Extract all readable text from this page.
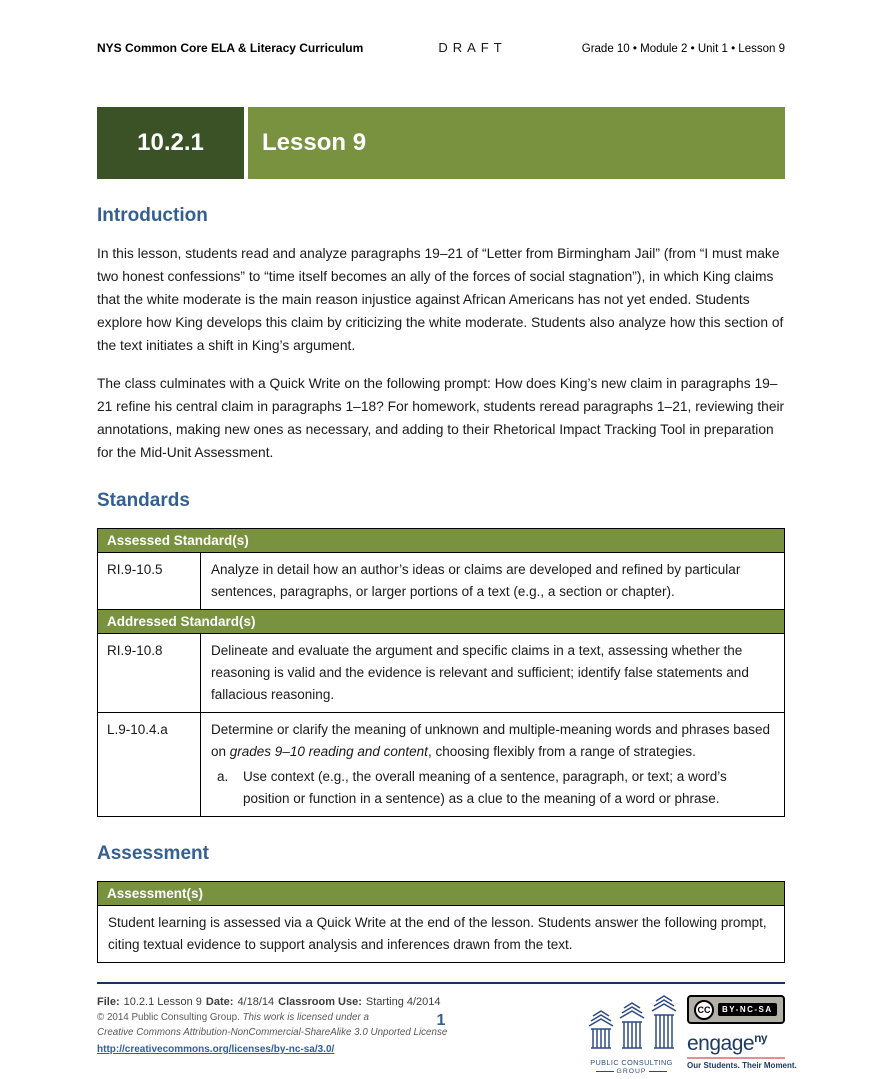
NYS Common Core ELA & Literacy Curriculum	DRAFT	Grade 10 • Module 2 • Unit 1 • Lesson 9
10.2.1	Lesson 9
Introduction

In this lesson, students read and analyze paragraphs 19–21 of “Letter from Birmingham Jail” (from “I must make two honest confessions” to “time itself becomes an ally of the forces of social stagnation”), in which King claims that the white moderate is the main reason injustice against African Americans has not yet ended. Students explore how King develops this claim by criticizing the white moderate. Students also analyze how this section of the text initiates a shift in King’s argument.

The class culminates with a Quick Write on the following prompt: How does King’s new claim in paragraphs 19–21 refine his central claim in paragraphs 1–18? For homework, students reread paragraphs 1–21, reviewing their annotations, making new ones as necessary, and adding to their Rhetorical Impact Tracking Tool in preparation for the Mid-Unit Assessment.

Standards
Assessed Standard(s)	
RI.9-10.5	Analyze in detail how an author’s ideas or claims are developed and refined by particular sentences, paragraphs, or larger portions of a text (e.g., a section or chapter).
Addressed Standard(s)	
RI.9-10.8	Delineate and evaluate the argument and specific claims in a text, assessing whether the reasoning is valid and the evidence is relevant and sufficient; identify false statements and fallacious reasoning.
L.9-10.4.a	Determine or clarify the meaning of unknown and multiple-meaning words and phrases based on grades 9–10 reading and content, choosing flexibly from a range of strategies.
a. Use context (e.g., the overall meaning of a sentence, paragraph, or text; a word’s position or function in a sentence) as a clue to the meaning of a word or phrase.
Assessment
Assessment(s)
Student learning is assessed via a Quick Write at the end of the lesson. Students answer the following prompt, citing textual evidence to support analysis and inferences drawn from the text.
File: 10.2.1 Lesson 9 Date: 4/18/14 Classroom Use: Starting 4/2014
© 2014 Public Consulting Group. This work is licensed under a
Creative Commons Attribution-NonCommercial-ShareAlike 3.0 Unported License
http://creativecommons.org/licenses/by-nc-sa/3.0/
1
PUBLIC CONSULTING
GROUP
CC	BY-NC-SA
engage$^{ny}$
Our Students. Their Moment.
